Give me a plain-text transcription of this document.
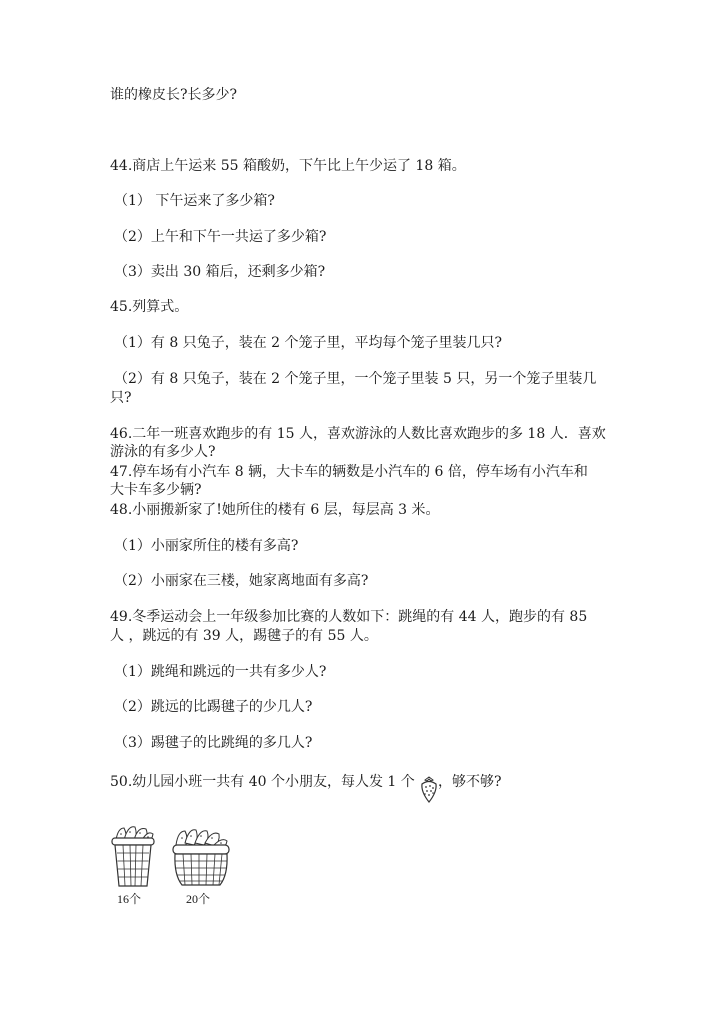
谁的橡皮长?长多少?
44.商店上午运来 55 箱酸奶，下午比上午少运了 18 箱。
（1） 下午运来了多少箱?
（2）上午和下午一共运了多少箱?
（3）卖出 30 箱后，还剩多少箱?
45.列算式。
（1）有 8 只兔子，装在 2 个笼子里，平均每个笼子里装几只?
（2）有 8 只兔子，装在 2 个笼子里，一个笼子里装 5 只，另一个笼子里装几
只?
46.二年一班喜欢跑步的有 15 人，喜欢游泳的人数比喜欢跑步的多 18 人．喜欢
游泳的有多少人?
47.停车场有小汽车 8 辆，大卡车的辆数是小汽车的 6 倍，停车场有小汽车和
大卡车多少辆?
48.小丽搬新家了!她所住的楼有 6 层，每层高 3 米。
（1）小丽家所住的楼有多高?
（2）小丽家在三楼，她家离地面有多高?
49.冬季运动会上一年级参加比赛的人数如下：跳绳的有 44 人，跑步的有 85
人 ，跳远的有 39 人，踢毽子的有 55 人。
（1）跳绳和跳远的一共有多少人?
（2）跳远的比踢毽子的少几人?
（3）踢毽子的比跳绳的多几人?
50.幼儿园小班一共有 40 个小朋友，每人发 1 个 ，够不够?
16个	20个
